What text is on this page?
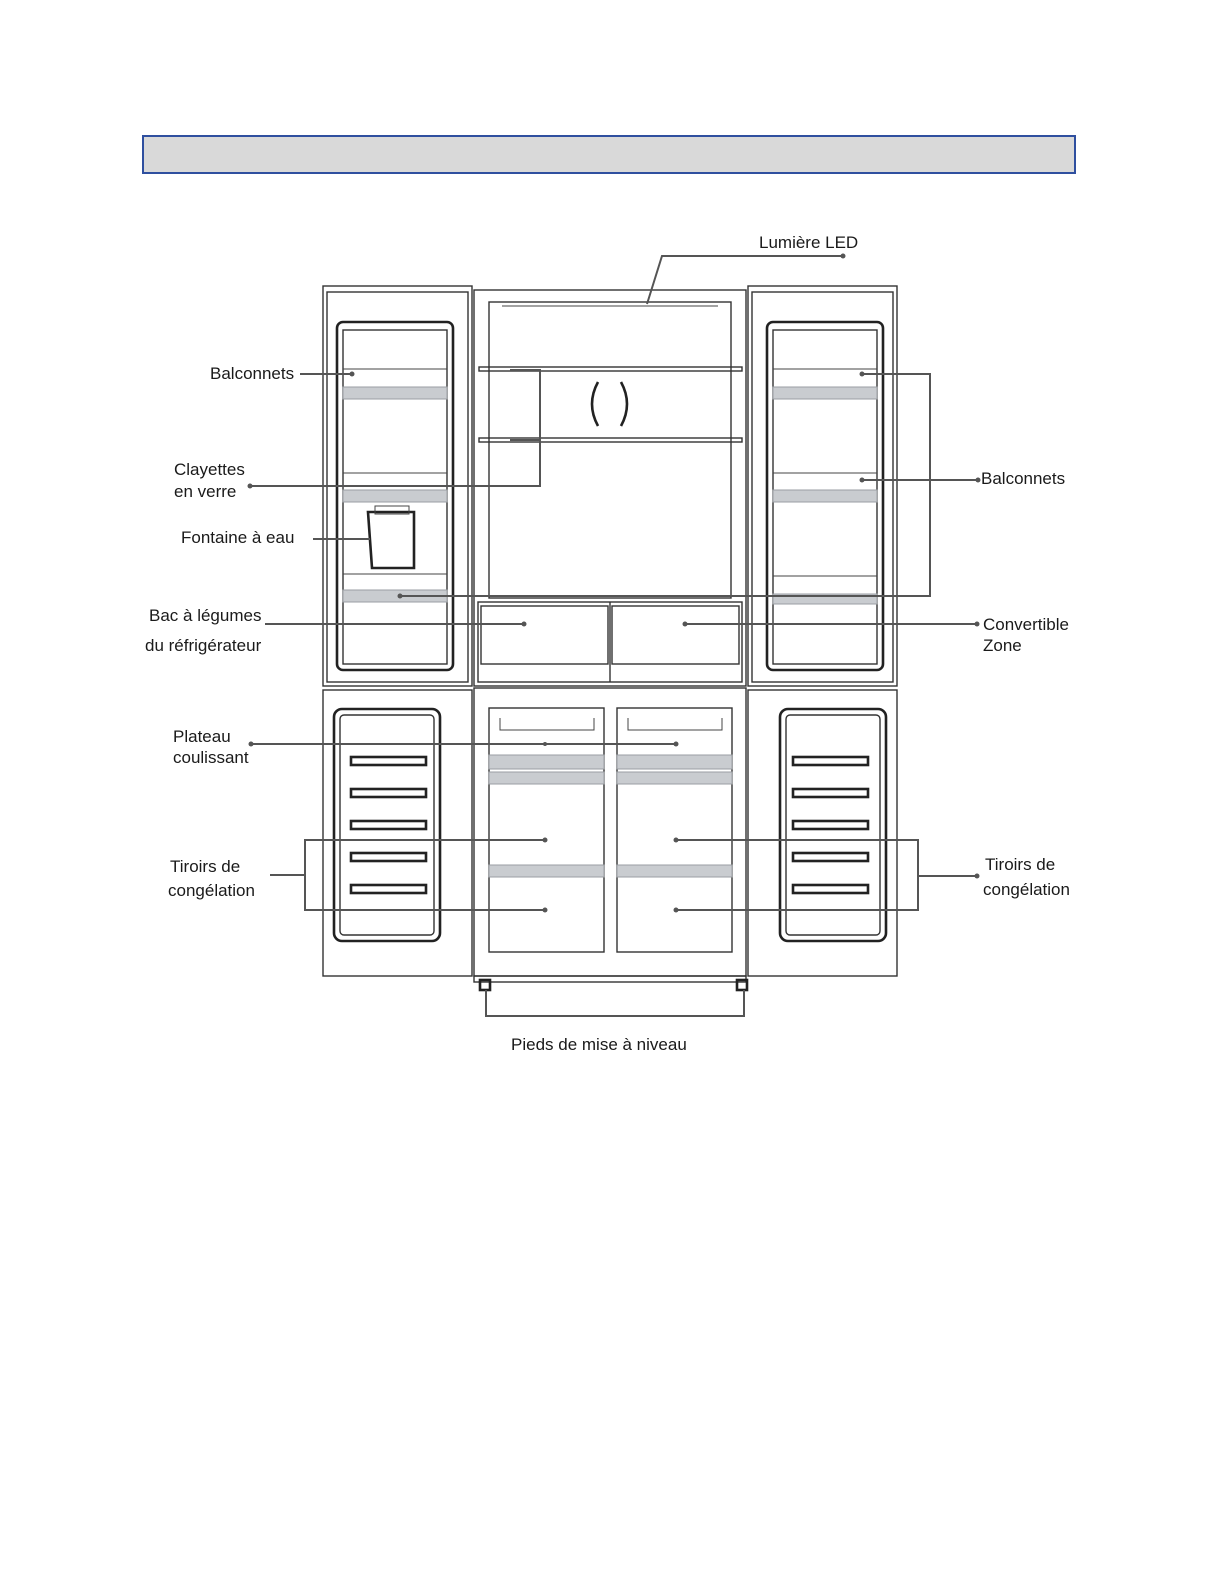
Lumière LED
Balconnets
Clayettes
en verre
Fontaine à eau
Bac à légumes
du réfrigérateur
Balconnets
Convertible
Zone
Plateau
coulissant
Tiroirs de
congélation
Tiroirs de
congélation
Pieds de mise à niveau
